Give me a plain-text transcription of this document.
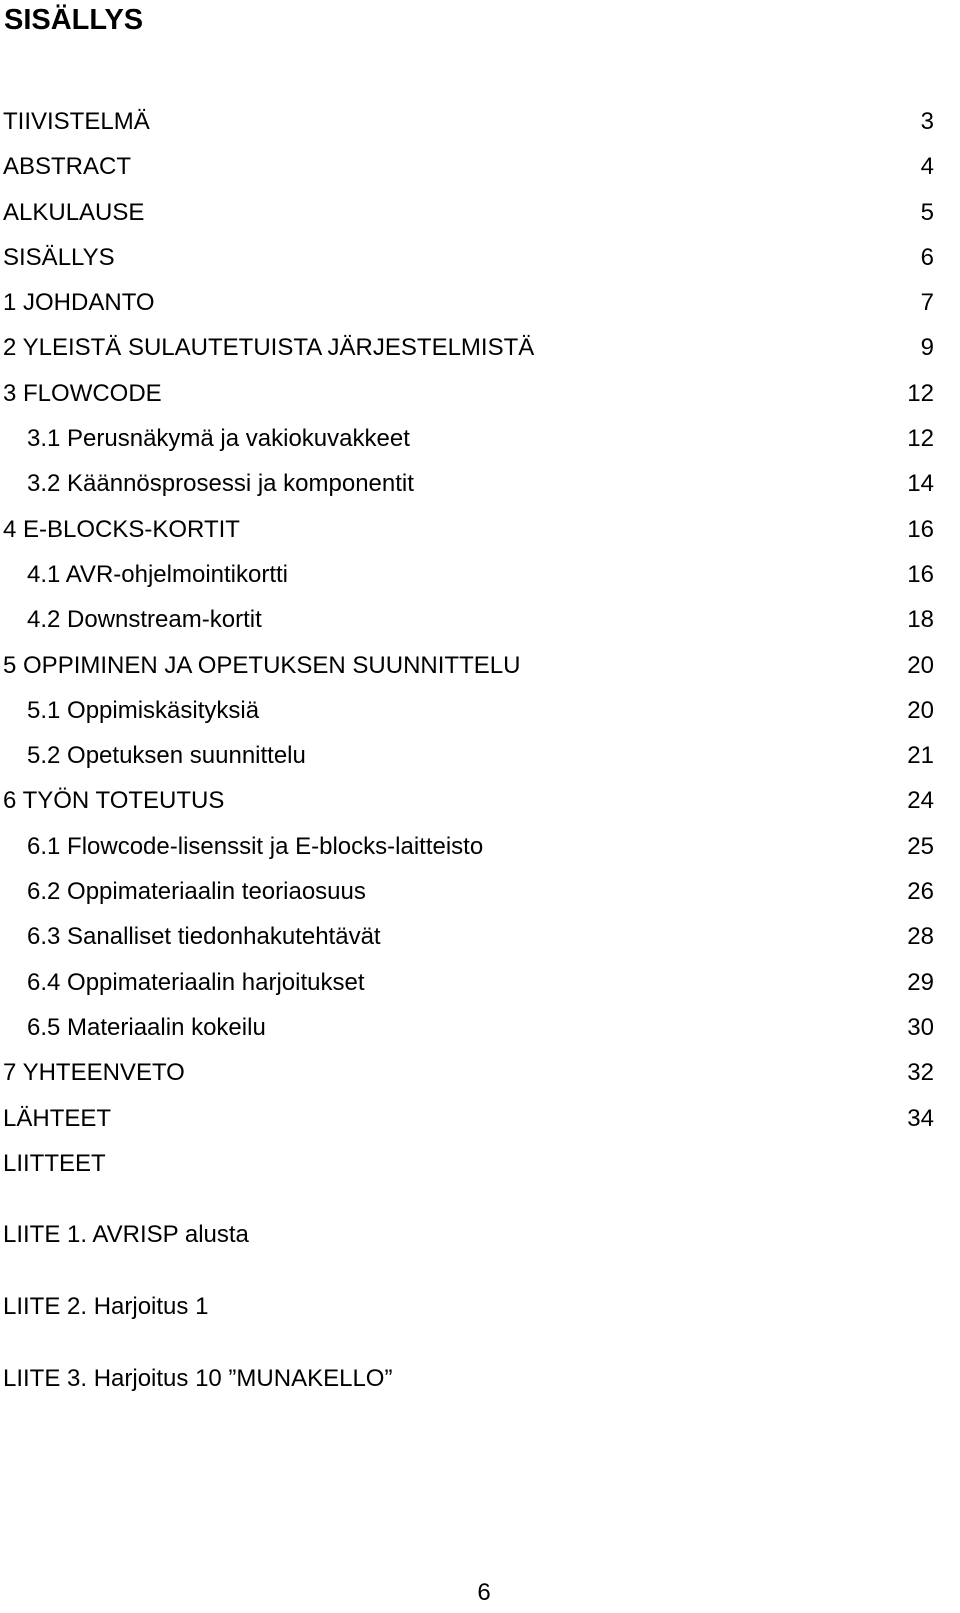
SISÄLLYS
TIIVISTELMÄ	3
ABSTRACT	4
ALKULAUSE	5
SISÄLLYS	6
1 JOHDANTO	7
2 YLEISTÄ SULAUTETUISTA JÄRJESTELMISTÄ	9
3 FLOWCODE	12
3.1 Perusnäkymä ja vakiokuvakkeet	12
3.2 Käännösprosessi ja komponentit	14
4 E-BLOCKS-KORTIT	16
4.1 AVR-ohjelmointikortti	16
4.2 Downstream-kortit	18
5 OPPIMINEN JA OPETUKSEN SUUNNITTELU	20
5.1 Oppimiskäsityksiä	20
5.2 Opetuksen suunnittelu	21
6 TYÖN TOTEUTUS	24
6.1 Flowcode-lisenssit ja E-blocks-laitteisto	25
6.2 Oppimateriaalin teoriaosuus	26
6.3 Sanalliset tiedonhakutehtävät	28
6.4 Oppimateriaalin harjoitukset	29
6.5 Materiaalin kokeilu	30
7 YHTEENVETO	32
LÄHTEET	34
LIITTEET
LIITE 1. AVRISP alusta
LIITE 2. Harjoitus 1
LIITE 3. Harjoitus 10 ”MUNAKELLO”
6
